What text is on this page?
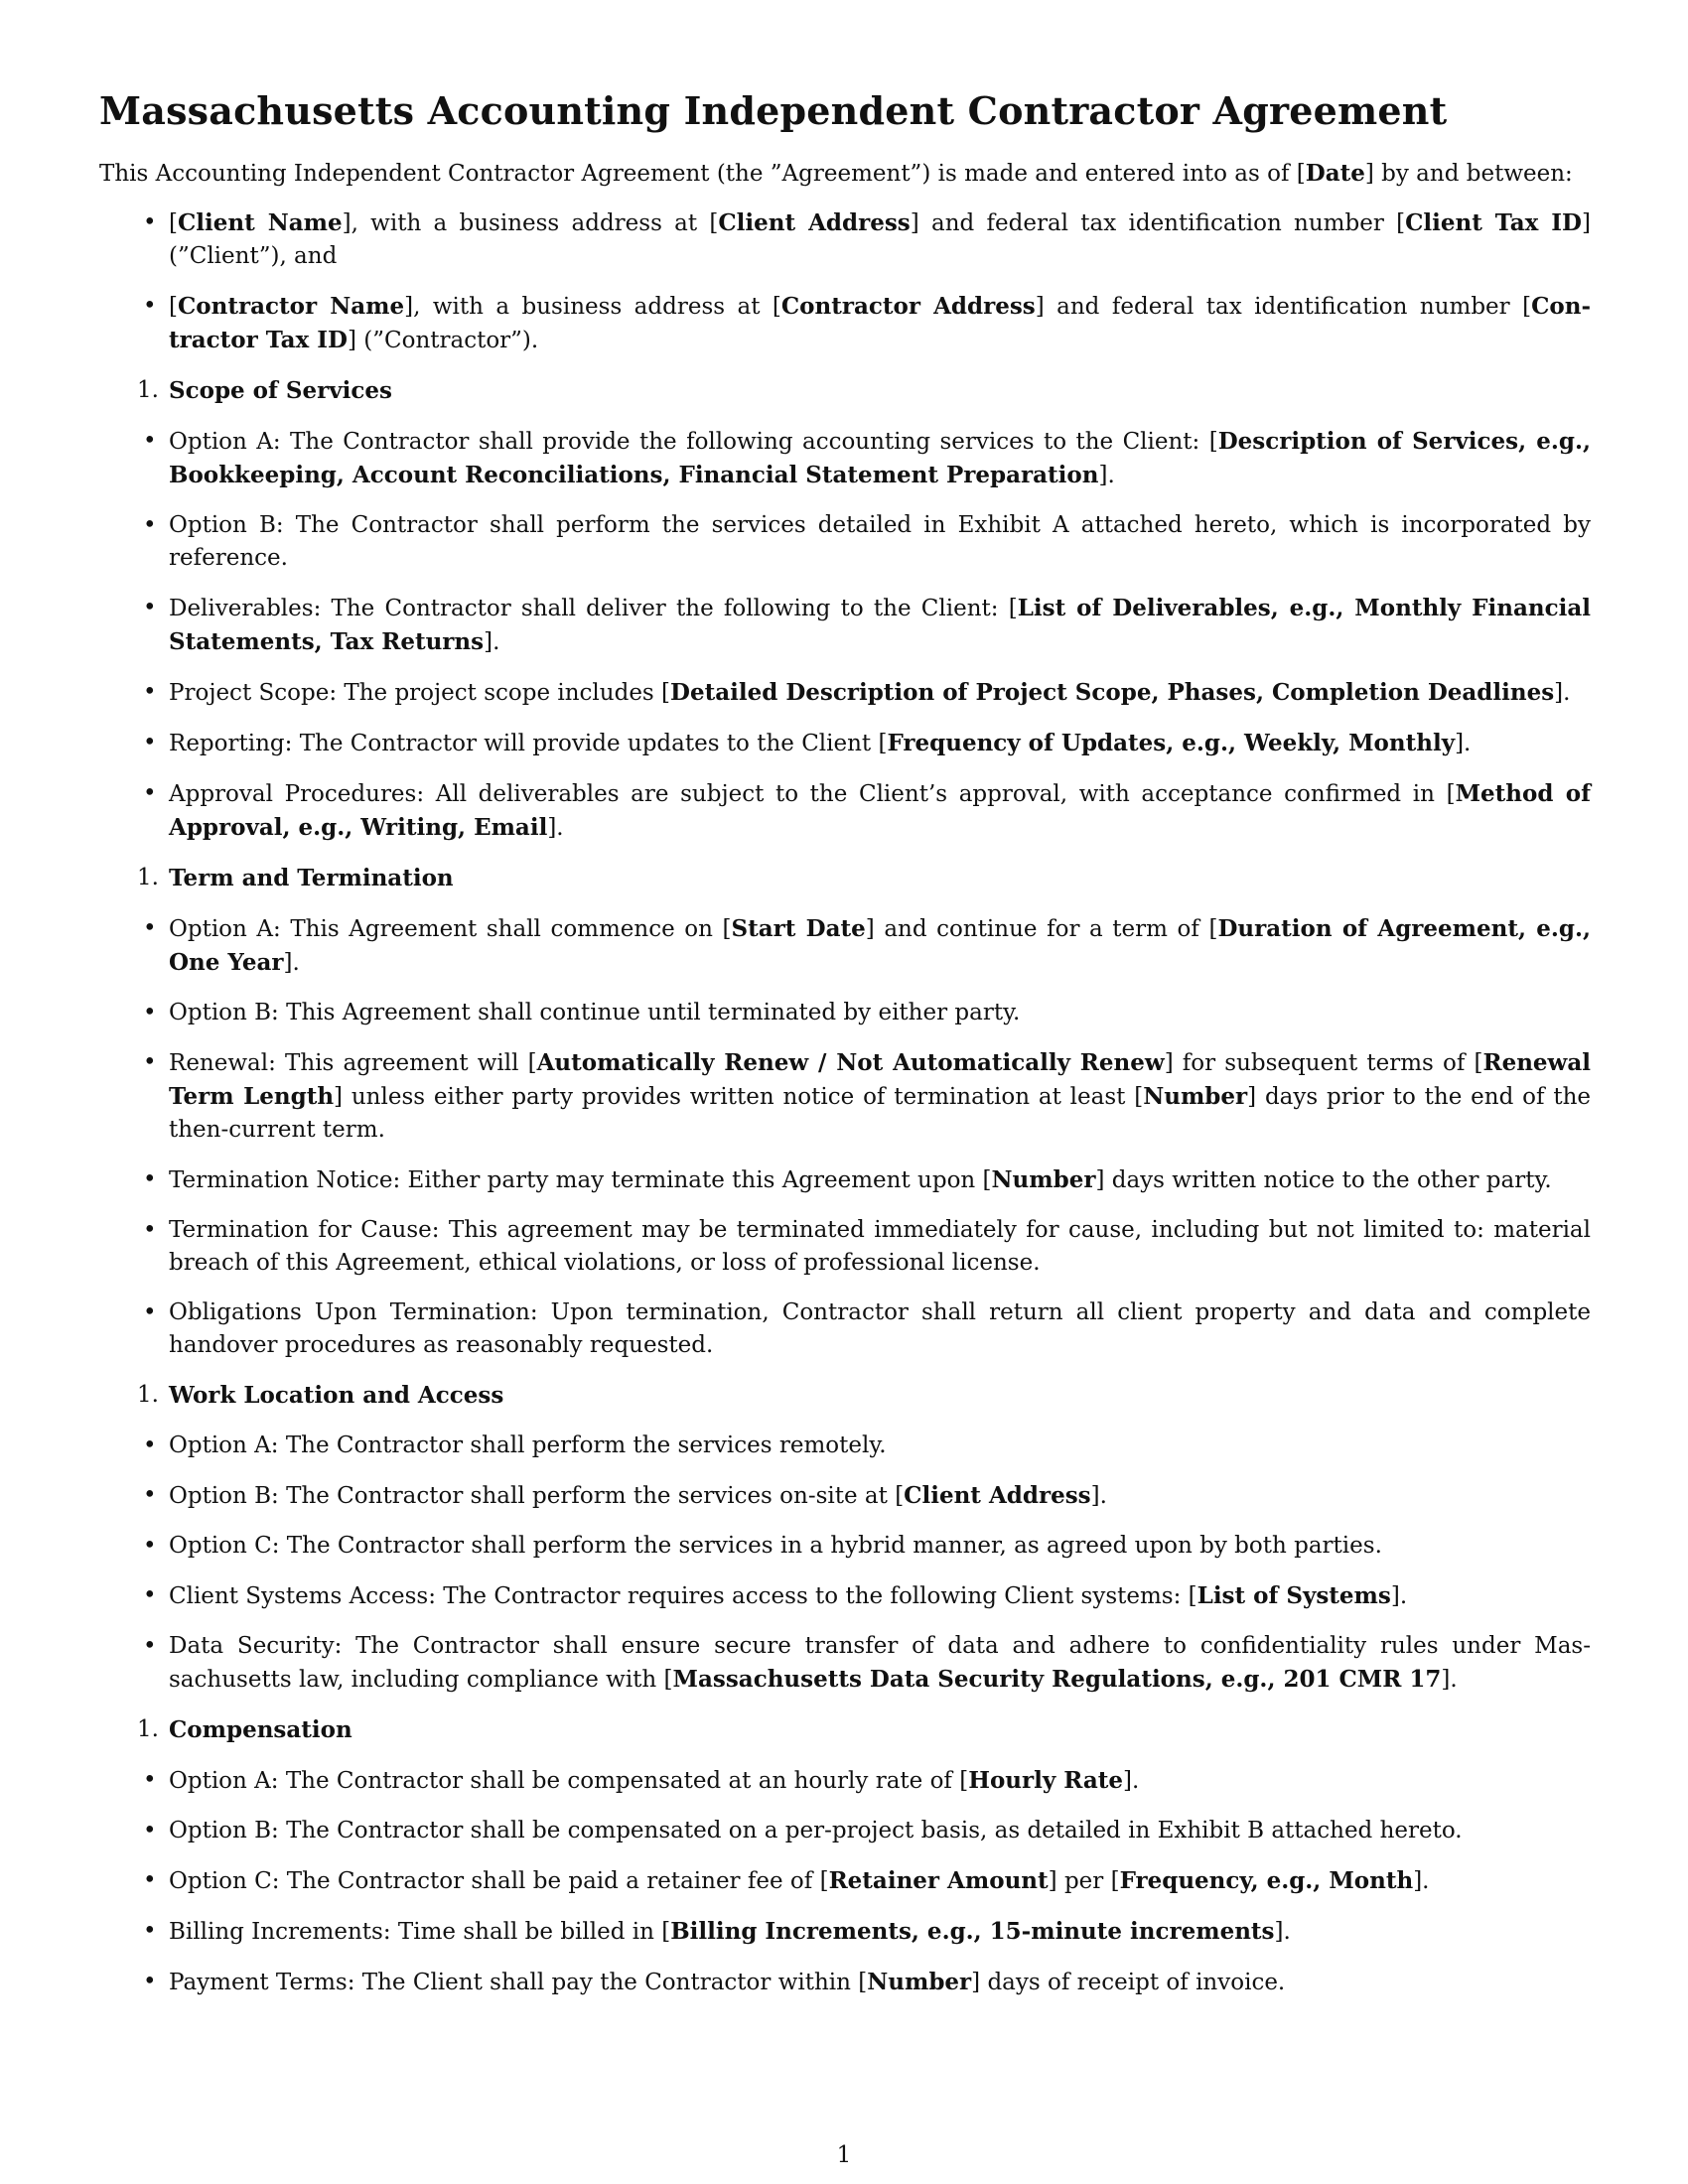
Massachusetts Accounting Independent Contractor Agreement

This Accounting Independent Contractor Agreement (the ”Agreement”) is made and entered into as of [Date] by and between:

• [Client Name], with a business address at [Client Address] and federal tax identification number [Client Tax ID] (”Client”), and
• [Contractor Name], with a business address at [Contractor Address] and federal tax identification number [Contractor Tax ID] (”Contractor”).
1. Scope of Services
• Option A: The Contractor shall provide the following accounting services to the Client: [Description of Services, e.g., Bookkeeping, Account Reconciliations, Financial Statement Preparation].
• Option B: The Contractor shall perform the services detailed in Exhibit A attached hereto, which is incorporated by reference.
• Deliverables: The Contractor shall deliver the following to the Client: [List of Deliverables, e.g., Monthly Financial Statements, Tax Returns].
• Project Scope: The project scope includes [Detailed Description of Project Scope, Phases, Completion Deadlines].
• Reporting: The Contractor will provide updates to the Client [Frequency of Updates, e.g., Weekly, Monthly].
• Approval Procedures: All deliverables are subject to the Client’s approval, with acceptance confirmed in [Method of Approval, e.g., Writing, Email].
1. Term and Termination
• Option A: This Agreement shall commence on [Start Date] and continue for a term of [Duration of Agreement, e.g., One Year].
• Option B: This Agreement shall continue until terminated by either party.
• Renewal: This agreement will [Automatically Renew / Not Automatically Renew] for subsequent terms of [Renewal Term Length] unless either party provides written notice of termination at least [Number] days prior to the end of the then-current term.
• Termination Notice: Either party may terminate this Agreement upon [Number] days written notice to the other party.
• Termination for Cause: This agreement may be terminated immediately for cause, including but not limited to: material breach of this Agreement, ethical violations, or loss of professional license.
• Obligations Upon Termination: Upon termination, Contractor shall return all client property and data and complete handover procedures as reasonably requested.
1. Work Location and Access
• Option A: The Contractor shall perform the services remotely.
• Option B: The Contractor shall perform the services on-site at [Client Address].
• Option C: The Contractor shall perform the services in a hybrid manner, as agreed upon by both parties.
• Client Systems Access: The Contractor requires access to the following Client systems: [List of Systems].
• Data Security: The Contractor shall ensure secure transfer of data and adhere to confidentiality rules under Massachusetts law, including compliance with [Massachusetts Data Security Regulations, e.g., 201 CMR 17].
1. Compensation
• Option A: The Contractor shall be compensated at an hourly rate of [Hourly Rate].
• Option B: The Contractor shall be compensated on a per-project basis, as detailed in Exhibit B attached hereto.
• Option C: The Contractor shall be paid a retainer fee of [Retainer Amount] per [Frequency, e.g., Month].
• Billing Increments: Time shall be billed in [Billing Increments, e.g., 15-minute increments].
• Payment Terms: The Client shall pay the Contractor within [Number] days of receipt of invoice.
1
